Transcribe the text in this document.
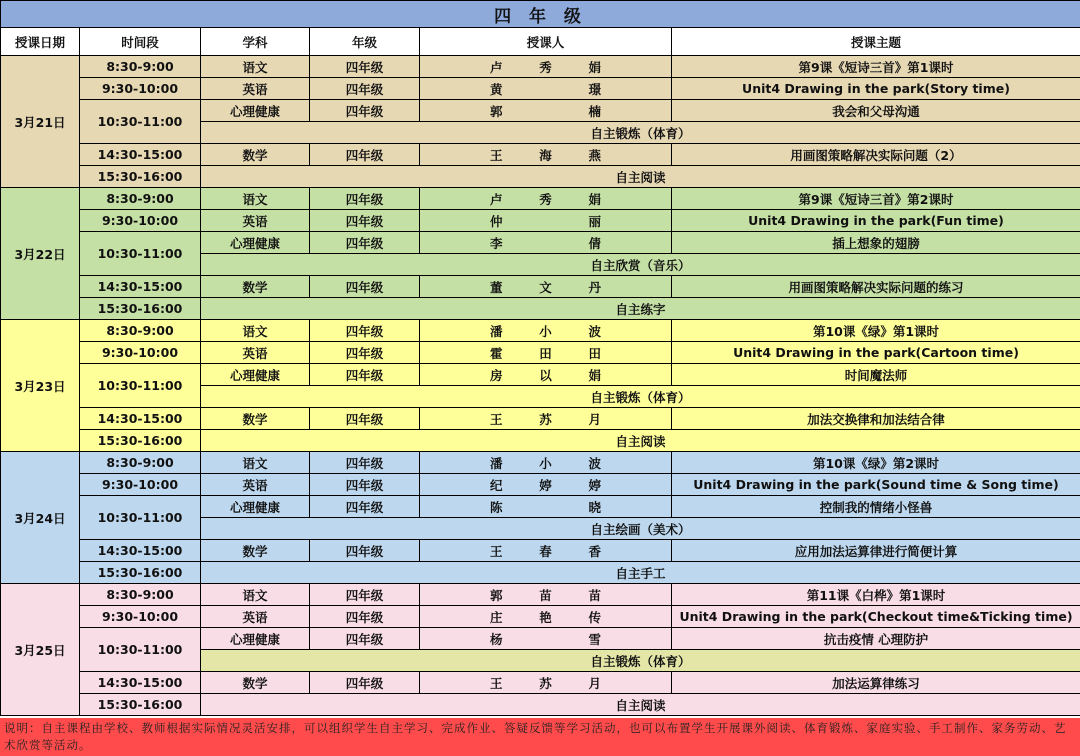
四 年 级					
授课日期	时间段	学科	年级	授课人	授课主题
3月21日	8:30-9:00	语文	四年级	卢 秀 娟	第9课《短诗三首》第1课时
	9:30-10:00	英语	四年级	黄 璟	Unit4 Drawing in the park(Story time)
	10:30-11:00	心理健康	四年级	郭 楠	我会和父母沟通
		自主锻炼（体育）			
	14:30-15:00	数学	四年级	王 海 燕	用画图策略解决实际问题（2）
	15:30-16:00	自主阅读			
3月22日	8:30-9:00	语文	四年级	卢 秀 娟	第9课《短诗三首》第2课时
	9:30-10:00	英语	四年级	仲 丽	Unit4 Drawing in the park(Fun time)
	10:30-11:00	心理健康	四年级	李 倩	插上想象的翅膀
		自主欣赏（音乐）			
	14:30-15:00	数学	四年级	董 文 丹	用画图策略解决实际问题的练习
	15:30-16:00	自主练字			
3月23日	8:30-9:00	语文	四年级	潘 小 波	第10课《绿》第1课时
	9:30-10:00	英语	四年级	霍 田 田	Unit4 Drawing in the park(Cartoon time)
	10:30-11:00	心理健康	四年级	房 以 娟	时间魔法师
		自主锻炼（体育）			
	14:30-15:00	数学	四年级	王 苏 月	加法交换律和加法结合律
	15:30-16:00	自主阅读			
3月24日	8:30-9:00	语文	四年级	潘 小 波	第10课《绿》第2课时
	9:30-10:00	英语	四年级	纪 婷 婷	Unit4 Drawing in the park(Sound time & Song time)
	10:30-11:00	心理健康	四年级	陈 晓	控制我的情绪小怪兽
		自主绘画（美术）			
	14:30-15:00	数学	四年级	王 春 香	应用加法运算律进行简便计算
	15:30-16:00	自主手工			
3月25日	8:30-9:00	语文	四年级	郭 苗 苗	第11课《白桦》第1课时
	9:30-10:00	英语	四年级	庄 艳 传	Unit4 Drawing in the park(Checkout time&Ticking time)
	10:30-11:00	心理健康	四年级	杨 雪	抗击疫情 心理防护
		自主锻炼（体育）			
	14:30-15:00	数学	四年级	王 苏 月	加法运算律练习
	15:30-16:00	自主阅读			
说明：自主课程由学校、教师根据实际情况灵活安排，可以组织学生自主学习、完成作业、答疑反馈等学习活动，也可以布置学生开展课外阅读、体育锻炼、家庭实验、手工制作、家务劳动、艺术欣赏等活动。
